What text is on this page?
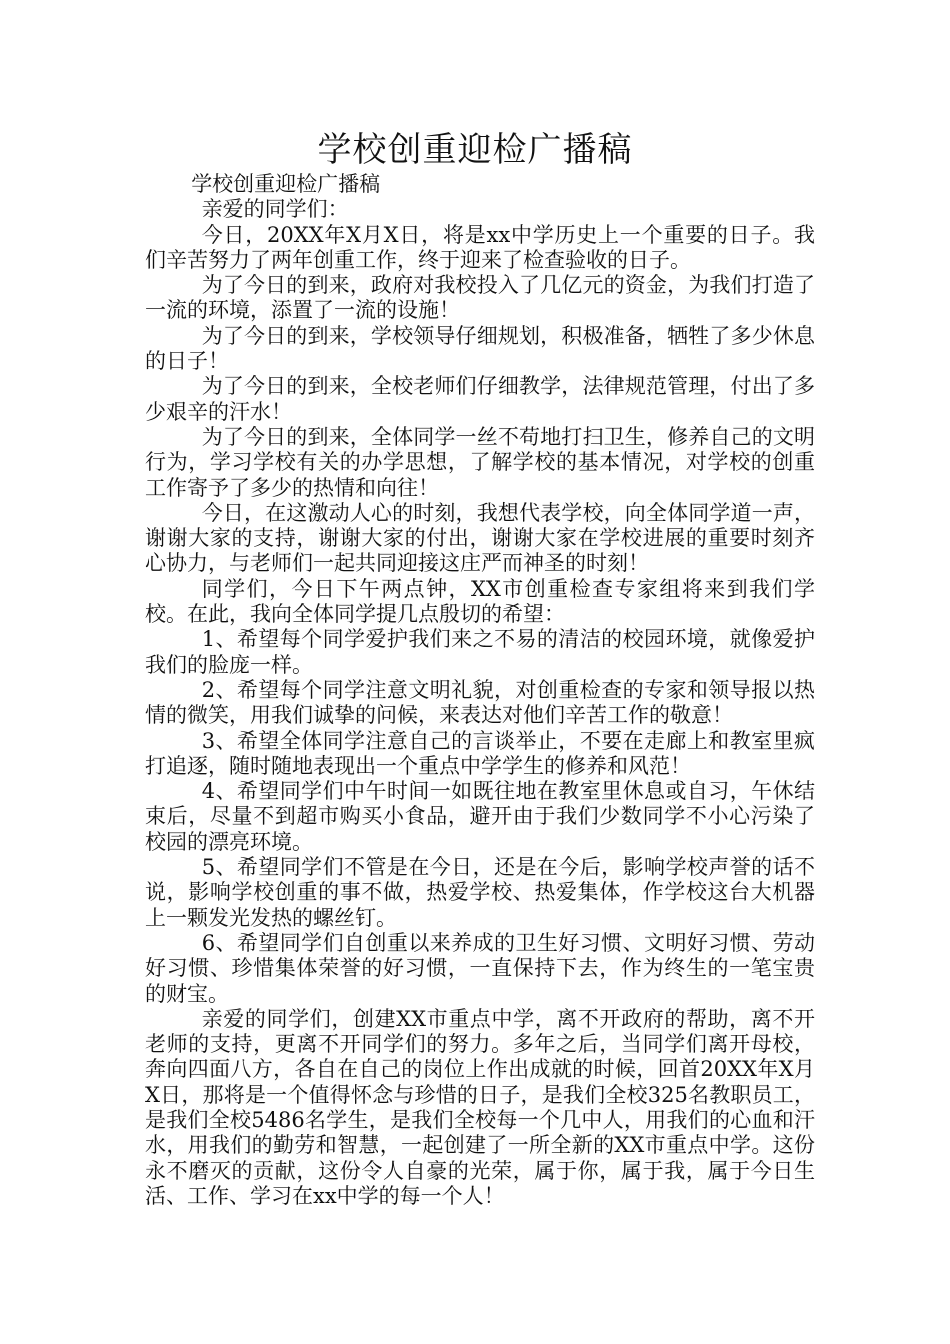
学校创重迎检广播稿

学校创重迎检广播稿

亲爱的同学们：

今日，20XX年X月X日，将是xx中学历史上一个重要的日子。我们辛苦努力了两年创重工作，终于迎来了检查验收的日子。

为了今日的到来，政府对我校投入了几亿元的资金，为我们打造了一流的环境，添置了一流的设施！

为了今日的到来，学校领导仔细规划，积极准备，牺牲了多少休息的日子！

为了今日的到来，全校老师们仔细教学，法律规范管理，付出了多少艰辛的汗水！

为了今日的到来，全体同学一丝不苟地打扫卫生，修养自己的文明行为，学习学校有关的办学思想，了解学校的基本情况，对学校的创重工作寄予了多少的热情和向往！

今日，在这激动人心的时刻，我想代表学校，向全体同学道一声，谢谢大家的支持，谢谢大家的付出，谢谢大家在学校进展的重要时刻齐心协力，与老师们一起共同迎接这庄严而神圣的时刻！

同学们，今日下午两点钟，XX市创重检查专家组将来到我们学校。在此，我向全体同学提几点殷切的希望：

1、希望每个同学爱护我们来之不易的清洁的校园环境，就像爱护我们的脸庞一样。

2、希望每个同学注意文明礼貌，对创重检查的专家和领导报以热情的微笑，用我们诚挚的问候，来表达对他们辛苦工作的敬意！

3、希望全体同学注意自己的言谈举止，不要在走廊上和教室里疯打追逐，随时随地表现出一个重点中学学生的修养和风范！

4、希望同学们中午时间一如既往地在教室里休息或自习，午休结束后，尽量不到超市购买小食品，避开由于我们少数同学不小心污染了校园的漂亮环境。

5、希望同学们不管是在今日，还是在今后，影响学校声誉的话不说，影响学校创重的事不做，热爱学校、热爱集体，作学校这台大机器上一颗发光发热的螺丝钉。

6、希望同学们自创重以来养成的卫生好习惯、文明好习惯、劳动好习惯、珍惜集体荣誉的好习惯，一直保持下去，作为终生的一笔宝贵的财宝。

亲爱的同学们，创建XX市重点中学，离不开政府的帮助，离不开老师的支持，更离不开同学们的努力。多年之后，当同学们离开母校，奔向四面八方，各自在自己的岗位上作出成就的时候，回首20XX年X月X日，那将是一个值得怀念与珍惜的日子，是我们全校325名教职员工，是我们全校5486名学生，是我们全校每一个几中人，用我们的心血和汗水，用我们的勤劳和智慧，一起创建了一所全新的XX市重点中学。这份永不磨灭的贡献，这份令人自豪的光荣，属于你，属于我，属于今日生活、工作、学习在xx中学的每一个人！
